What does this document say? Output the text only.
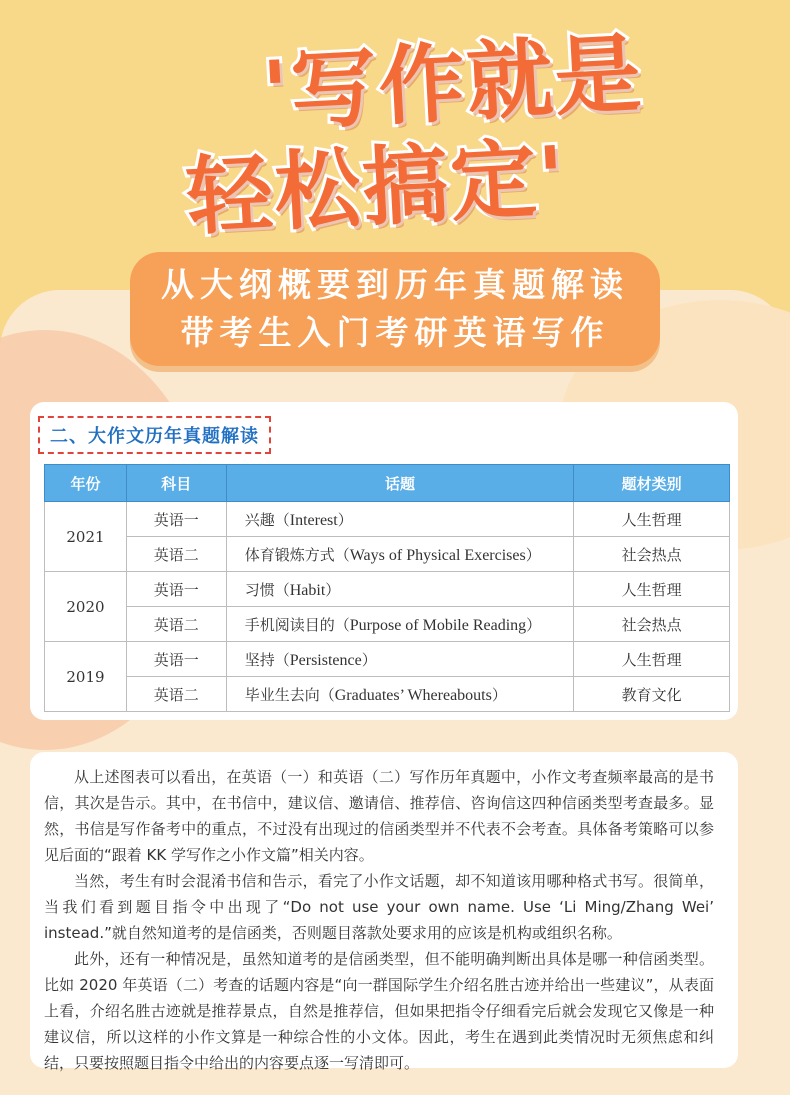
'写作就是
轻松搞定'
从大纲概要到历年真题解读
带考生入门考研英语写作
二、大作文历年真题解读
年份	科目	话题	题材类别
2021	英语一	兴趣（Interest）	人生哲理
	英语二	体育锻炼方式（Ways of Physical Exercises）	社会热点
2020	英语一	习惯（Habit）	人生哲理
	英语二	手机阅读目的（Purpose of Mobile Reading）	社会热点
2019	英语一	坚持（Persistence）	人生哲理
	英语二	毕业生去向（Graduates’ Whereabouts）	教育文化

从上述图表可以看出，在英语（一）和英语（二）写作历年真题中，小作文考查频率最高的是书信，其次是告示。其中，在书信中，建议信、邀请信、推荐信、咨询信这四种信函类型考查最多。显然，书信是写作备考中的重点，不过没有出现过的信函类型并不代表不会考查。具体备考策略可以参见后面的“跟着 KK 学写作之小作文篇”相关内容。

当然，考生有时会混淆书信和告示，看完了小作文话题，却不知道该用哪种格式书写。很简单，当我们看到题目指令中出现了“Do not use your own name. Use ‘Li Ming/Zhang Wei’ instead.”就自然知道考的是信函类，否则题目落款处要求用的应该是机构或组织名称。

此外，还有一种情况是，虽然知道考的是信函类型，但不能明确判断出具体是哪一种信函类型。比如 2020 年英语（二）考查的话题内容是“向一群国际学生介绍名胜古迹并给出一些建议”，从表面上看，介绍名胜古迹就是推荐景点，自然是推荐信，但如果把指令仔细看完后就会发现它又像是一种建议信，所以这样的小作文算是一种综合性的小文体。因此，考生在遇到此类情况时无须焦虑和纠结，只要按照题目指令中给出的内容要点逐一写清即可。
